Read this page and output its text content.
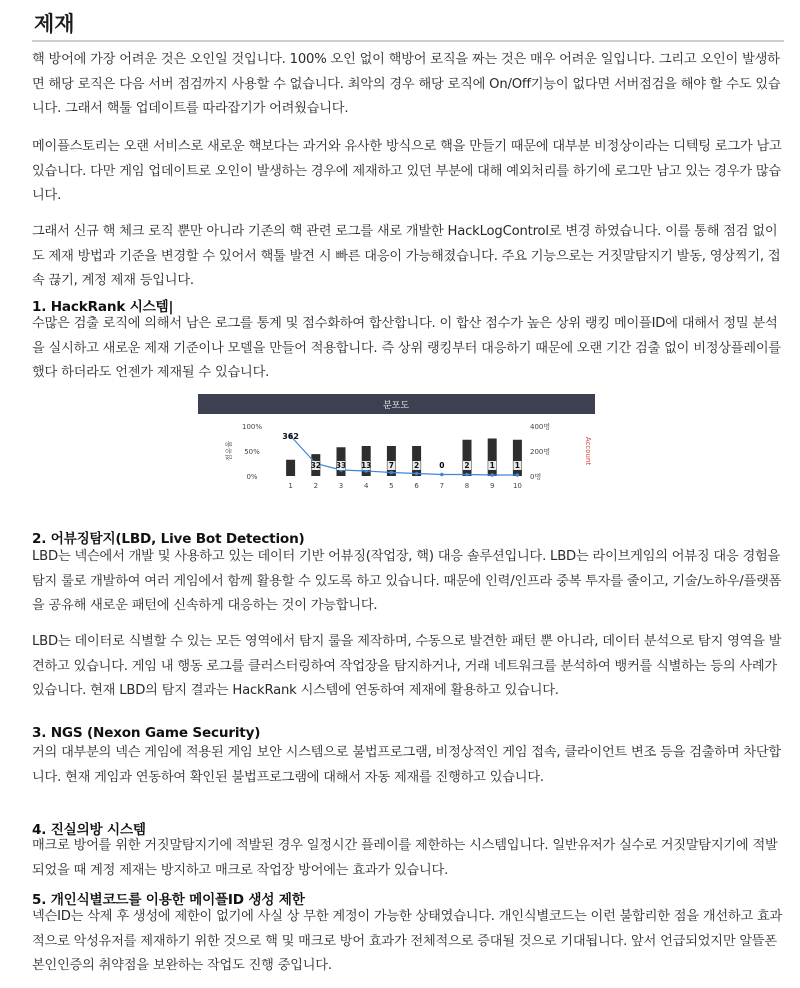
제재

핵 방어에 가장 어려운 것은 오인일 것입니다. 100% 오인 없이 핵방어 로직을 짜는 것은 매우 어려운 일입니다. 그리고 오인이 발생하면 해당 로직은 다음 서버 점검까지 사용할 수 없습니다. 최악의 경우 해당 로직에 On/Off기능이 없다면 서버점검을 해야 할 수도 있습니다. 그래서 핵툴 업데이트를 따라잡기가 어려웠습니다.

메이플스토리는 오랜 서비스로 새로운 핵보다는 과거와 유사한 방식으로 핵을 만들기 때문에 대부분 비정상이라는 디텍팅 로그가 남고 있습니다. 다만 게임 업데이트로 오인이 발생하는 경우에 제재하고 있던 부분에 대해 예외처리를 하기에 로그만 남고 있는 경우가 많습니다.

그래서 신규 핵 체크 로직 뿐만 아니라 기존의 핵 관련 로그를 새로 개발한 HackLogControl로 변경 하였습니다. 이를 통해 점검 없이도 제재 방법과 기준을 변경할 수 있어서 핵툴 발견 시 빠른 대응이 가능해졌습니다. 주요 기능으로는 거짓말탐지기 발동, 영상찍기, 접속 끊기, 계정 제재 등입니다.

1. HackRank 시스템|

수많은 검출 로직에 의해서 남은 로그를 통계 및 점수화하여 합산합니다. 이 합산 점수가 높은 상위 랭킹 메이플ID에 대해서 정밀 분석을 실시하고 새로운 제재 기준이나 모델을 만들어 적용합니다. 즉 상위 랭킹부터 대응하기 때문에 오랜 기간 검출 없이 비정상플레이를 했다 하더라도 언젠가 제재될 수 있습니다.

분포도
0%
50%
100%
0명
200명
400명
점유율	Account
362
32 33 13 7	2	0	2	1	1
1	2	3	4	5	6	7	8	9	10
2. 어뷰징탐지(LBD, Live Bot Detection)

LBD는 넥슨에서 개발 및 사용하고 있는 데이터 기반 어뷰징(작업장, 핵) 대응 솔루션입니다. LBD는 라이브게임의 어뷰징 대응 경험을 탐지 룰로 개발하여 여러 게임에서 함께 활용할 수 있도록 하고 있습니다. 때문에 인력/인프라 중복 투자를 줄이고, 기술/노하우/플랫폼을 공유해 새로운 패턴에 신속하게 대응하는 것이 가능합니다.

LBD는 데이터로 식별할 수 있는 모든 영역에서 탐지 룰을 제작하며, 수동으로 발견한 패턴 뿐 아니라, 데이터 분석으로 탐지 영역을 발견하고 있습니다. 게임 내 행동 로그를 클러스터링하여 작업장을 탐지하거나, 거래 네트워크를 분석하여 뱅커를 식별하는 등의 사례가 있습니다. 현재 LBD의 탐지 결과는 HackRank 시스템에 연동하여 제재에 활용하고 있습니다.

3. NGS (Nexon Game Security)

거의 대부분의 넥슨 게임에 적용된 게임 보안 시스템으로 불법프로그램, 비정상적인 게임 접속, 클라이언트 변조 등을 검출하며 차단합니다. 현재 게임과 연동하여 확인된 불법프로그램에 대해서 자동 제재를 진행하고 있습니다.

4. 진실의방 시스템

매크로 방어를 위한 거짓말탐지기에 적발된 경우 일정시간 플레이를 제한하는 시스템입니다. 일반유저가 실수로 거짓말탐지기에 적발되었을 때 계정 제재는 방지하고 매크로 작업장 방어에는 효과가 있습니다.

5. 개인식별코드를 이용한 메이플ID 생성 제한

넥슨ID는 삭제 후 생성에 제한이 없기에 사실 상 무한 계정이 가능한 상태였습니다. 개인식별코드는 이런 불합리한 점을 개선하고 효과적으로 악성유저를 제재하기 위한 것으로 핵 및 매크로 방어 효과가 전체적으로 증대될 것으로 기대됩니다. 앞서 언급되었지만 알뜰폰 본인인증의 취약점을 보완하는 작업도 진행 중입니다.
